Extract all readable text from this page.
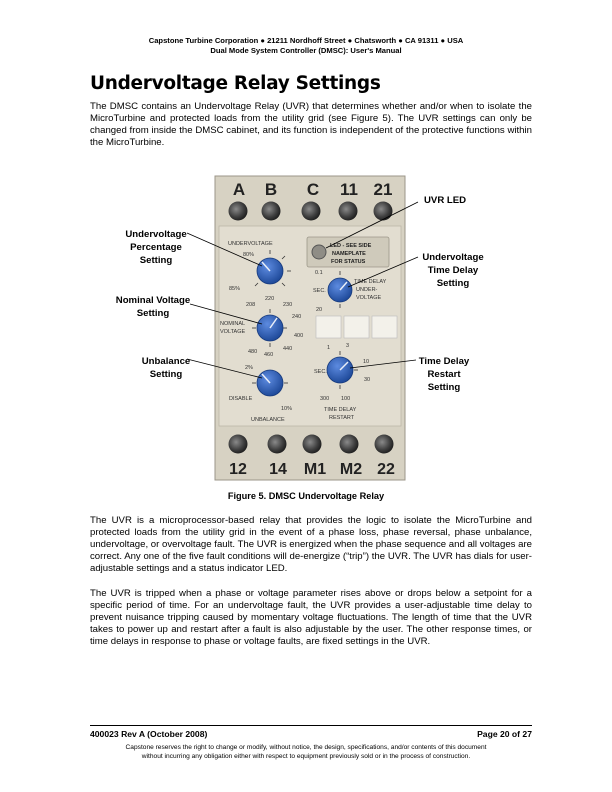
Capstone Turbine Corporation ● 21211 Nordhoff Street ● Chatsworth ● CA 91311 ● USA
Dual Mode System Controller (DMSC): User's Manual
Undervoltage Relay Settings

The DMSC contains an Undervoltage Relay (UVR) that determines whether and/or when to isolate the MicroTurbine and protected loads from the utility grid (see Figure 5). The UVR settings can only be changed from inside the DMSC cabinet, and its function is independent of the protective functions within the MicroTurbine.

A B C 11 21
12 14 M1 M2 22
UNDERVOLTAGE
80%
85%
208
220
230
240
400
440
460
480
NOMINAL
VOLTAGE
2%
10%
DISABLE
UNBALANCE
0.1
20
SEC.
TIME DELAY
UNDER-
VOLTAGE
1	3
10
30
100
300
SEC.
TIME DELAY
RESTART
LED - SEE SIDE
NAMEPLATE
FOR STATUS
Undervoltage
Percentage
Setting
Nominal Voltage
Setting
Unbalance
Setting
UVR LED
Undervoltage
Time Delay
Setting
Time Delay
Restart
Setting
Figure 5. DMSC Undervoltage Relay

The UVR is a microprocessor-based relay that provides the logic to isolate the MicroTurbine and protected loads from the utility grid in the event of a phase loss, phase reversal, phase unbalance, undervoltage, or overvoltage fault. The UVR is energized when the phase sequence and all voltages are correct. Any one of the five fault conditions will de-energize (“trip”) the UVR. The UVR has dials for user-adjustable settings and a status indicator LED.

The UVR is tripped when a phase or voltage parameter rises above or drops below a setpoint for a specific period of time. For an undervoltage fault, the UVR provides a user-adjustable time delay to prevent nuisance tripping caused by momentary voltage fluctuations. The length of time that the UVR takes to power up and restart after a fault is also adjustable by the user. The other response times, or time delays in response to phase or voltage faults, are fixed settings in the UVR.

400023 Rev A (October 2008)	Page 20 of 27
Capstone reserves the right to change or modify, without notice, the design, specifications, and/or contents of this document
without incurring any obligation either with respect to equipment previously sold or in the process of construction.
